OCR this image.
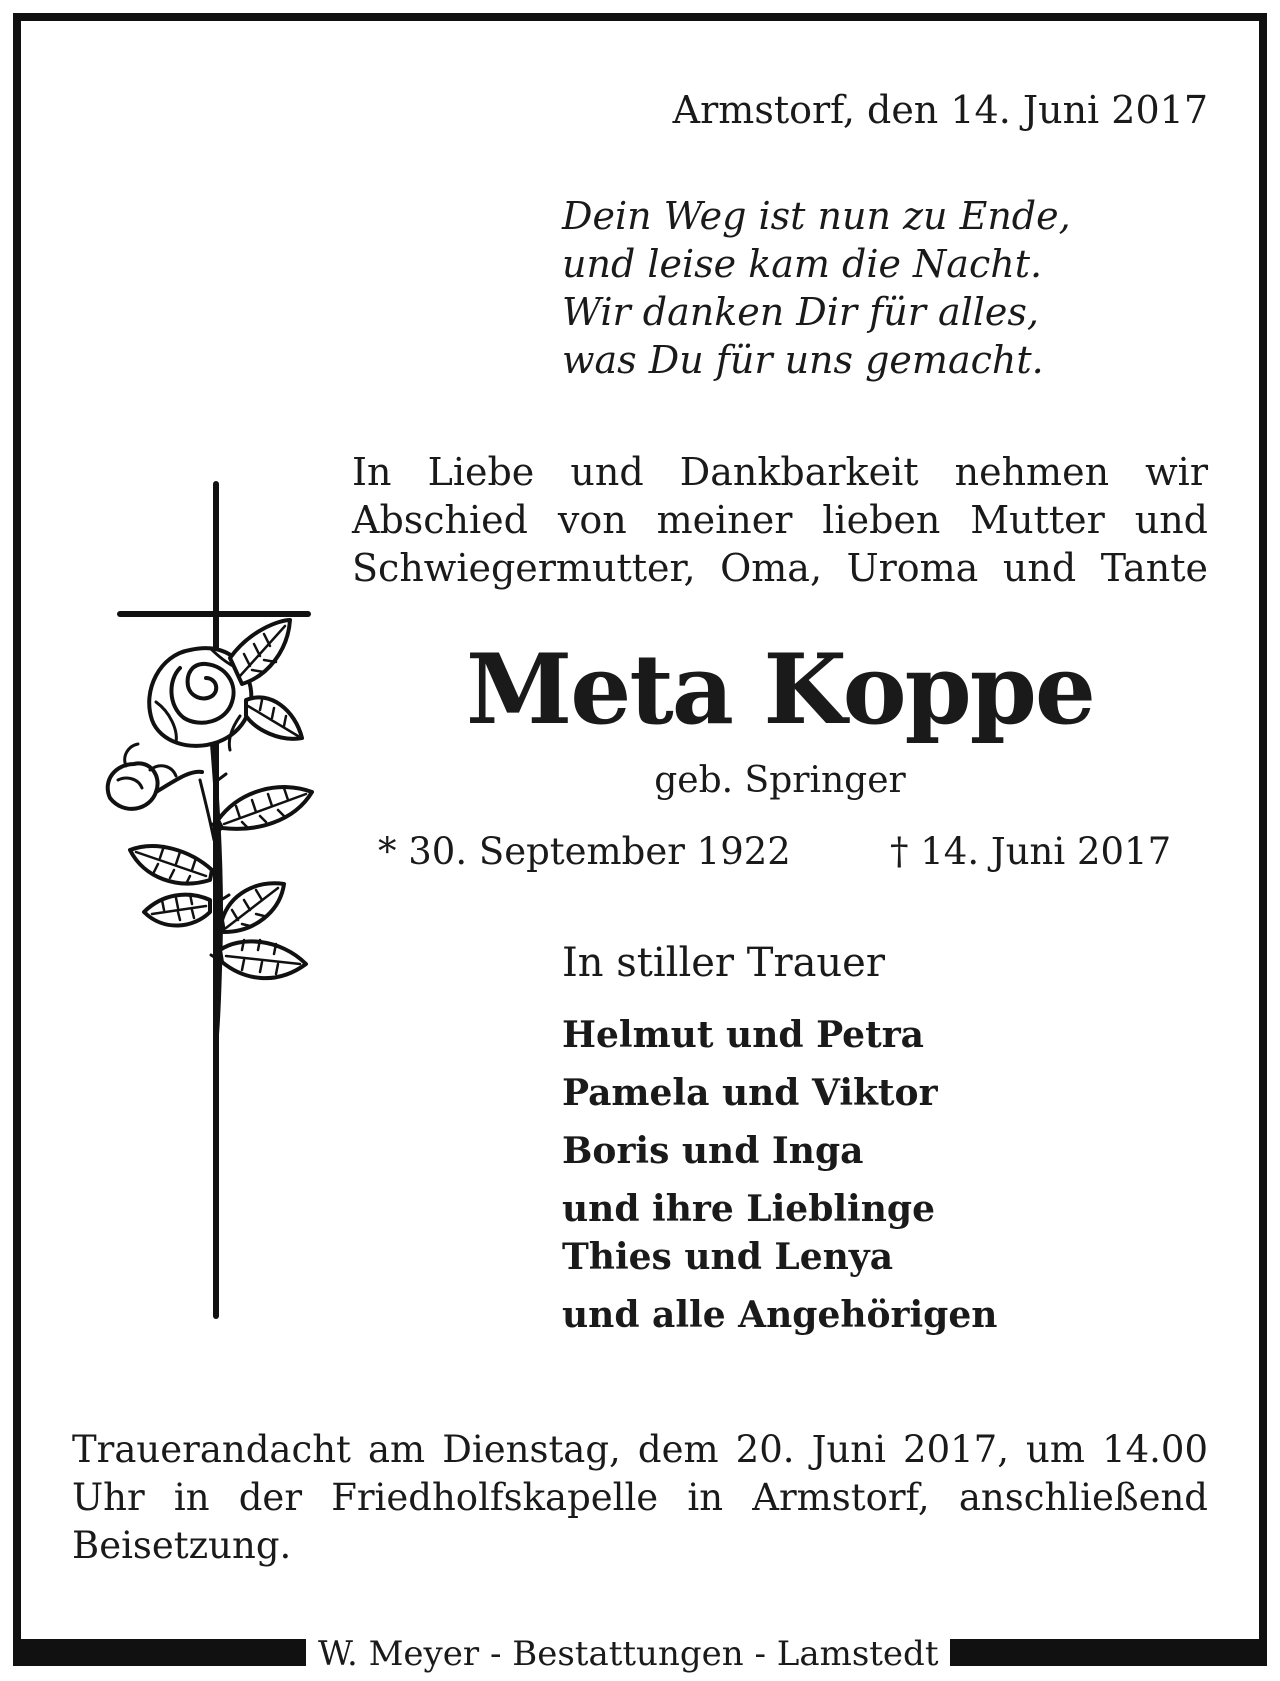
Armstorf, den 14. Juni 2017
Dein Weg ist nun zu Ende,
und leise kam die Nacht.
Wir danken Dir für alles,
was Du für uns gemacht.
In Liebe und Dankbarkeit nehmen wir
Abschied von meiner lieben Mutter und
Schwiegermutter, Oma, Uroma und Tante
Meta Koppe
geb. Springer
* 30. September 1922	† 14. Juni 2017
In stiller Trauer
Helmut und Petra
Pamela und Viktor
Boris und Inga
und ihre Lieblinge
Thies und Lenya
und alle Angehörigen
Trauerandacht am Dienstag, dem 20. Juni 2017, um 14.00
Uhr in der Friedholfskapelle in Armstorf, anschließend
Beisetzung.
W. Meyer - Bestattungen - Lamstedt
